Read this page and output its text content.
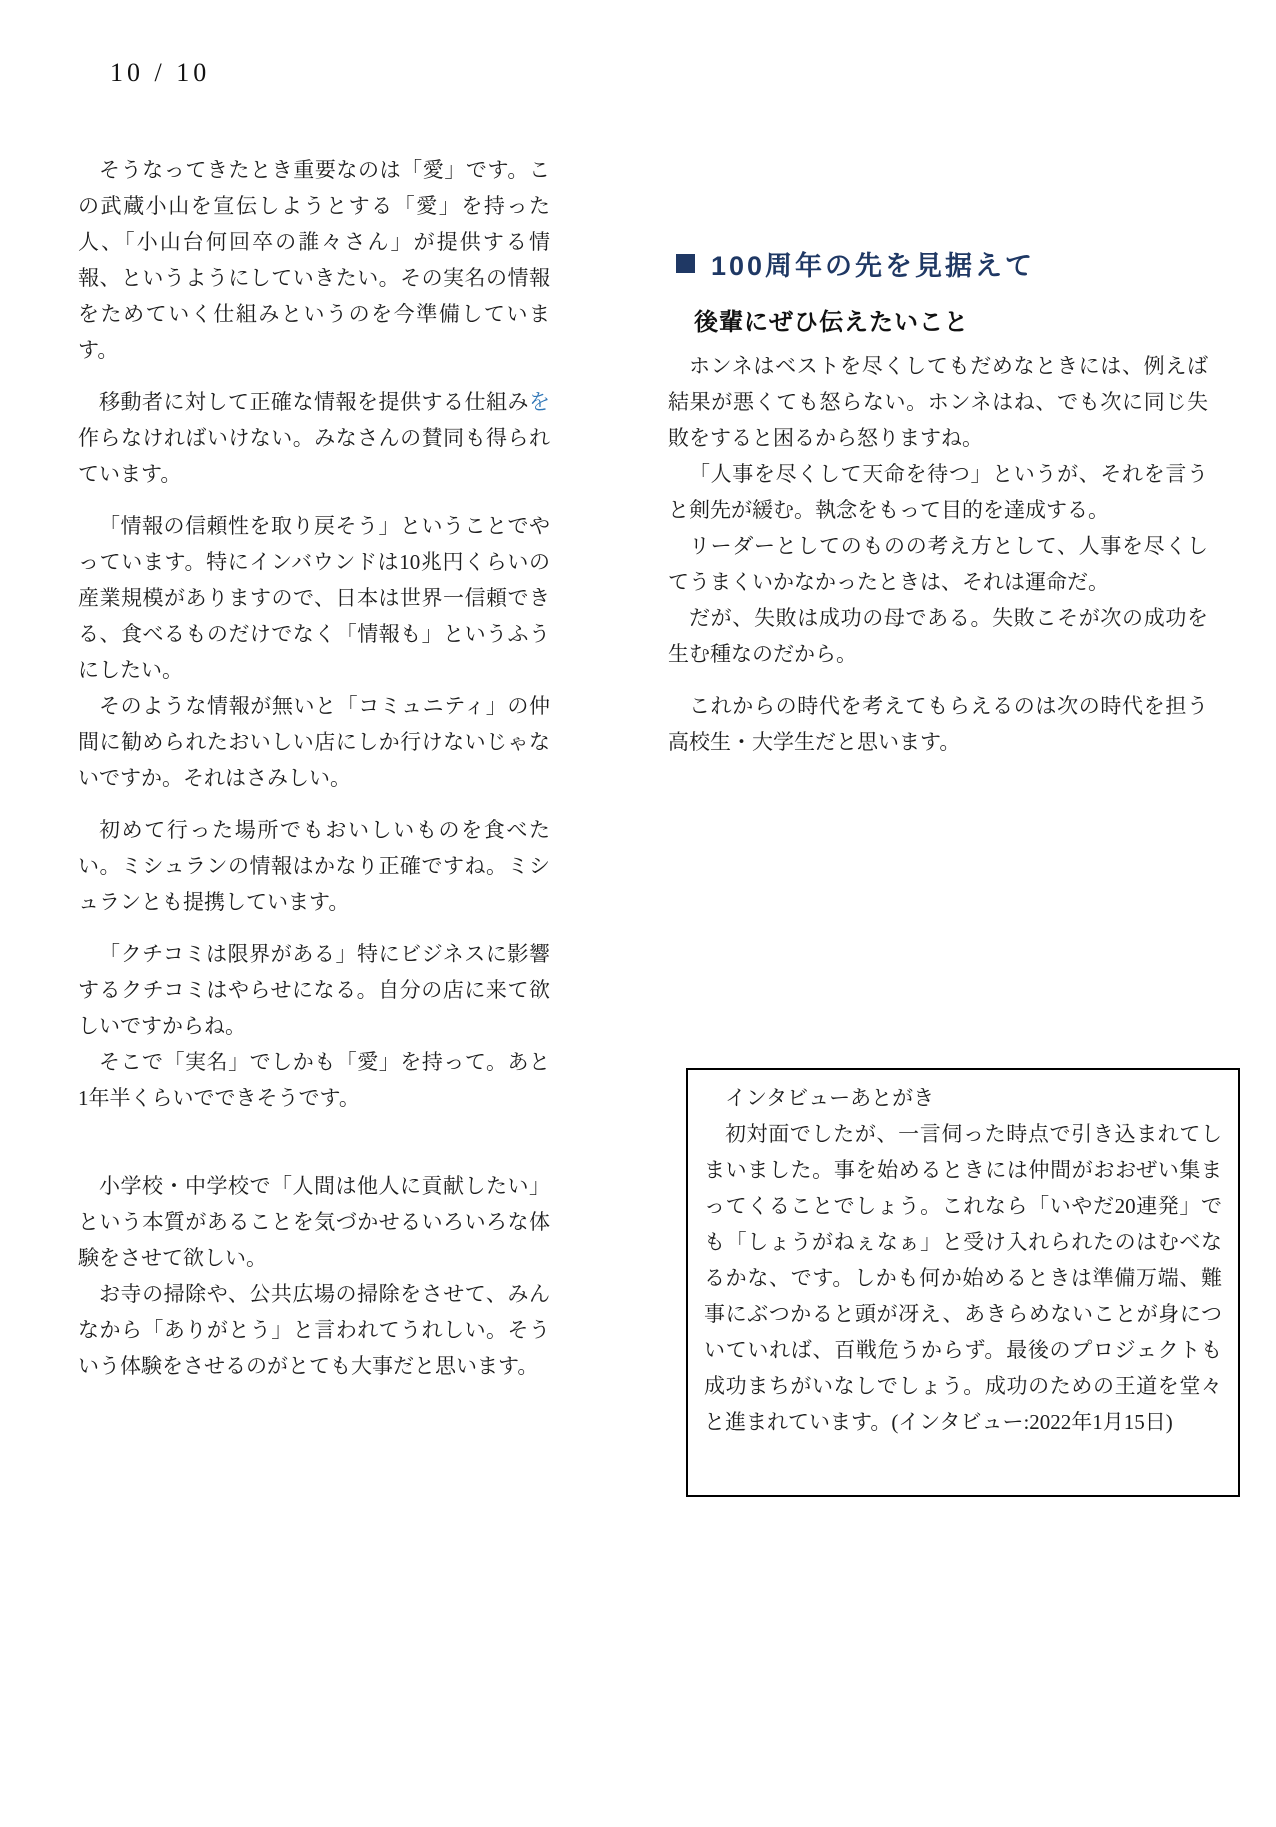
10 / 10

そうなってきたとき重要なのは「愛」です。この武蔵小山を宣伝しようとする「愛」を持った人、「小山台何回卒の誰々さん」が提供する情報、というようにしていきたい。その実名の情報をためていく仕組みというのを今準備しています。

移動者に対して正確な情報を提供する仕組みを作らなければいけない。みなさんの賛同も得られています。

「情報の信頼性を取り戻そう」ということでやっています。特にインバウンドは10兆円くらいの産業規模がありますので、日本は世界一信頼できる、食べるものだけでなく「情報も」というふうにしたい。

そのような情報が無いと「コミュニティ」の仲間に勧められたおいしい店にしか行けないじゃないですか。それはさみしい。

初めて行った場所でもおいしいものを食べたい。ミシュランの情報はかなり正確ですね。ミシュランとも提携しています。

「クチコミは限界がある」特にビジネスに影響するクチコミはやらせになる。自分の店に来て欲しいですからね。

そこで「実名」でしかも「愛」を持って。あと1年半くらいでできそうです。

小学校・中学校で「人間は他人に貢献したい」という本質があることを気づかせるいろいろな体験をさせて欲しい。

お寺の掃除や、公共広場の掃除をさせて、みんなから「ありがとう」と言われてうれしい。そういう体験をさせるのがとても大事だと思います。

100周年の先を見据えて
後輩にぜひ伝えたいこと

ホンネはベストを尽くしてもだめなときには、例えば結果が悪くても怒らない。ホンネはね、でも次に同じ失敗をすると困るから怒りますね。

「人事を尽くして天命を待つ」というが、それを言うと剣先が緩む。執念をもって目的を達成する。

リーダーとしてのものの考え方として、人事を尽くしてうまくいかなかったときは、それは運命だ。

だが、失敗は成功の母である。失敗こそが次の成功を生む種なのだから。

これからの時代を考えてもらえるのは次の時代を担う高校生・大学生だと思います。

インタビューあとがき

初対面でしたが、一言伺った時点で引き込まれてしまいました。事を始めるときには仲間がおおぜい集まってくることでしょう。これなら「いやだ20連発」でも「しょうがねぇなぁ」と受け入れられたのはむべなるかな、です。しかも何か始めるときは準備万端、難事にぶつかると頭が冴え、あきらめないことが身についていれば、百戦危うからず。最後のプロジェクトも成功まちがいなしでしょう。成功のための王道を堂々と進まれています。(インタビュー:2022年1月15日)
